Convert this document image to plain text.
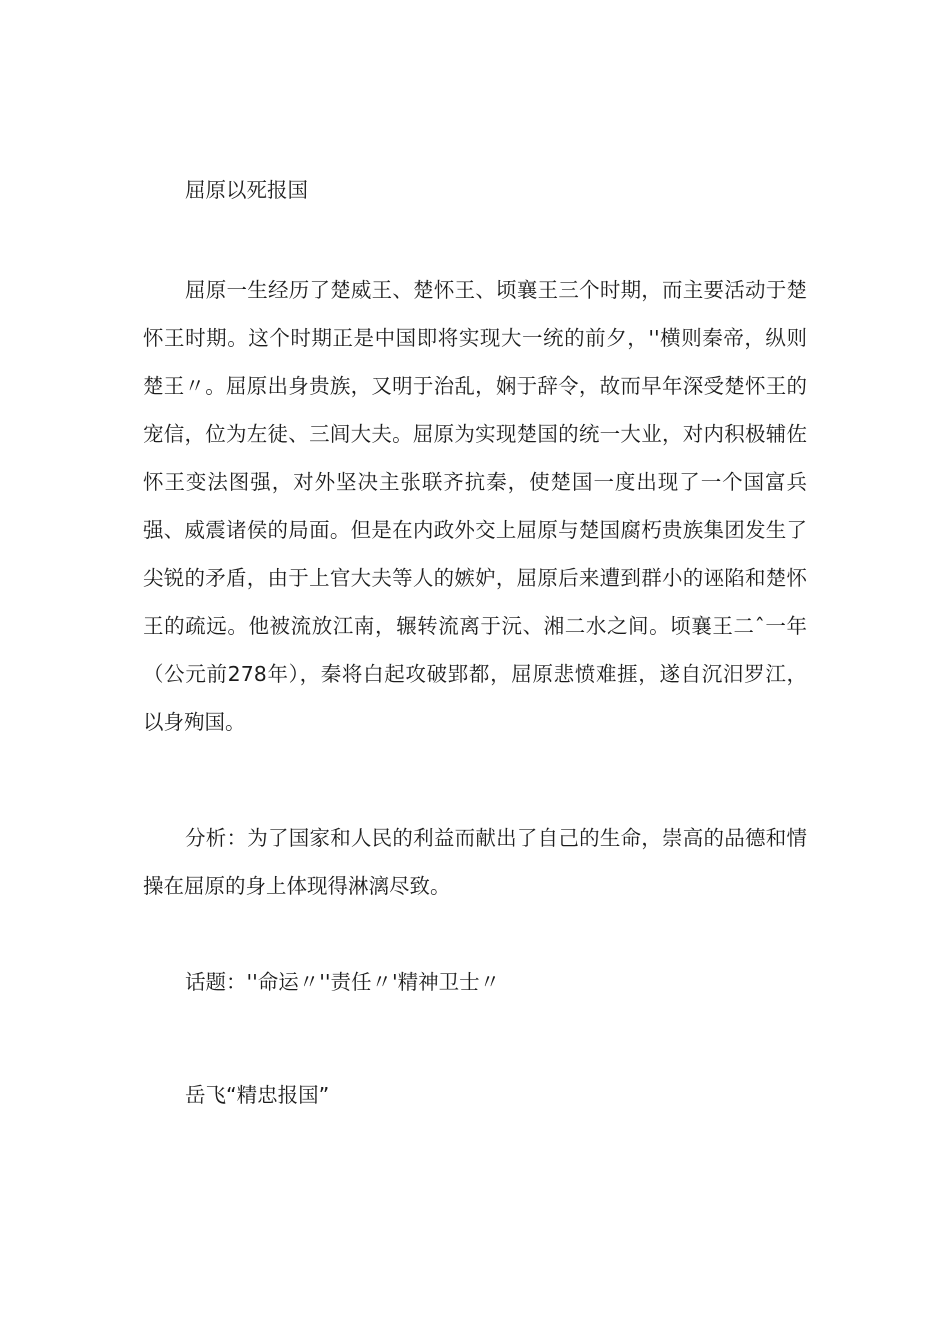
屈原以死报国

屈原一生经历了楚威王、楚怀王、顷襄王三个时期，而主要活动于楚怀王时期。这个时期正是中国即将实现大一统的前夕，''横则秦帝，纵则楚王〃。屈原出身贵族，又明于治乱，娴于辞令，故而早年深受楚怀王的宠信，位为左徒、三闾大夫。屈原为实现楚国的统一大业，对内积极辅佐怀王变法图强，对外坚决主张联齐抗秦，使楚国一度出现了一个国富兵强、威震诸侯的局面。但是在内政外交上屈原与楚国腐朽贵族集团发生了尖锐的矛盾，由于上官大夫等人的嫉妒，屈原后来遭到群小的诬陷和楚怀王的疏远。他被流放江南，辗转流离于沅、湘二水之间。顷襄王二ˆ一年（公元前278年），秦将白起攻破郢都，屈原悲愤难捱，遂自沉汨罗江，以身殉国。

分析：为了国家和人民的利益而献出了自己的生命，崇高的品德和情操在屈原的身上体现得淋漓尽致。

话题：''命运〃''责任〃'精神卫士〃

岳飞“精忠报国”
